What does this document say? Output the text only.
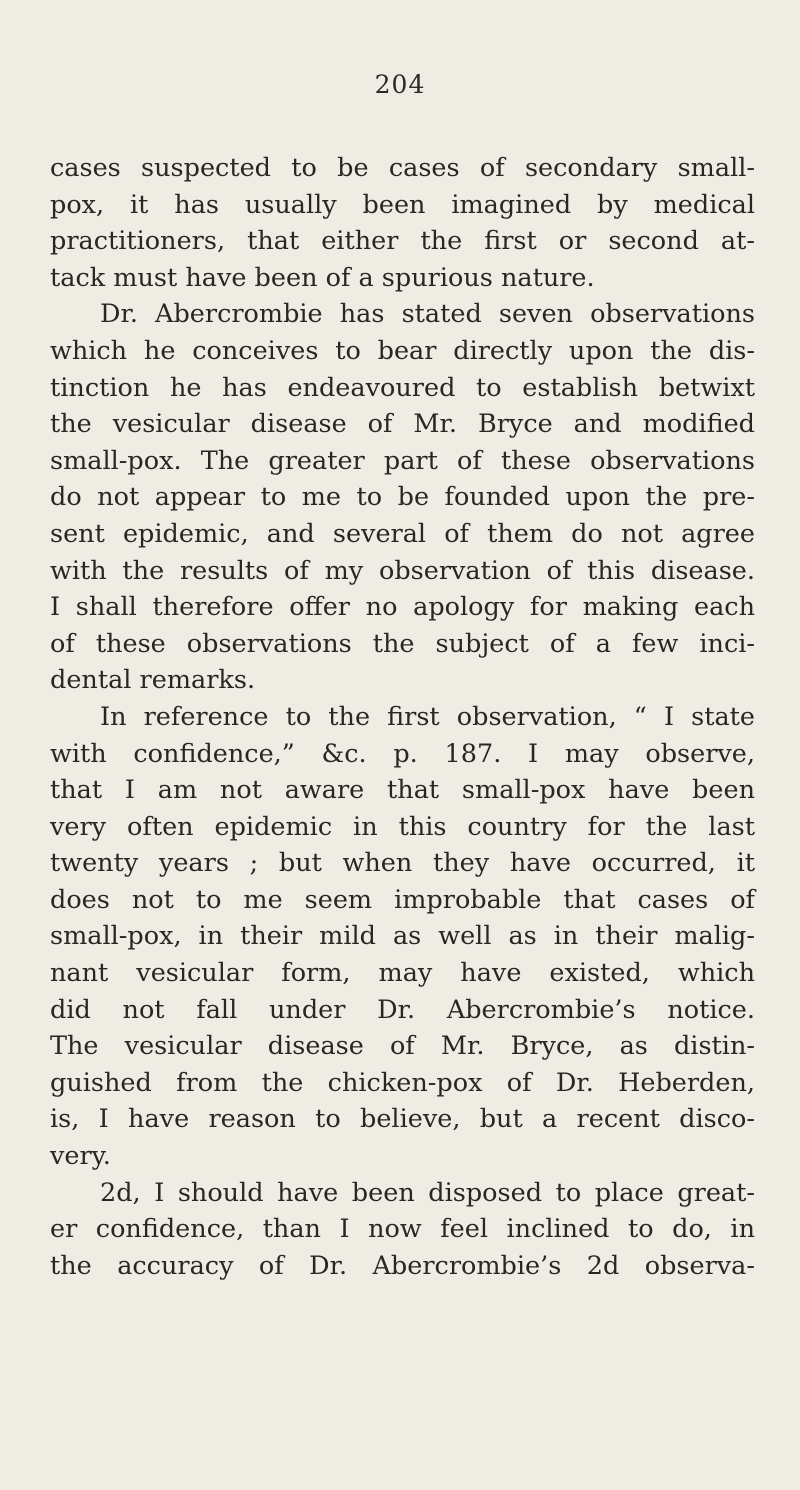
204
cases suspected to be cases of secondary small-
pox, it has usually been imagined by medical
practitioners, that either the first or second at-
tack must have been of a spurious nature.
Dr. Abercrombie has stated seven observations
which he conceives to bear directly upon the dis-
tinction he has endeavoured to establish betwixt
the vesicular disease of Mr. Bryce and modified
small-pox. The greater part of these observations
do not appear to me to be founded upon the pre-
sent epidemic, and several of them do not agree
with the results of my observation of this disease.
I shall therefore offer no apology for making each
of these observations the subject of a few inci-
dental remarks.
In reference to the first observation, “ I state
with confidence,” &c. p. 187. I may observe,
that I am not aware that small-pox have been
very often epidemic in this country for the last
twenty years ; but when they have occurred, it
does not to me seem improbable that cases of
small-pox, in their mild as well as in their malig-
nant vesicular form, may have existed, which
did not fall under Dr. Abercrombie’s notice.
The vesicular disease of Mr. Bryce, as distin-
guished from the chicken-pox of Dr. Heberden,
is, I have reason to believe, but a recent disco-
very.
2d, I should have been disposed to place great-
er confidence, than I now feel inclined to do, in
the accuracy of Dr. Abercrombie’s 2d observa-
